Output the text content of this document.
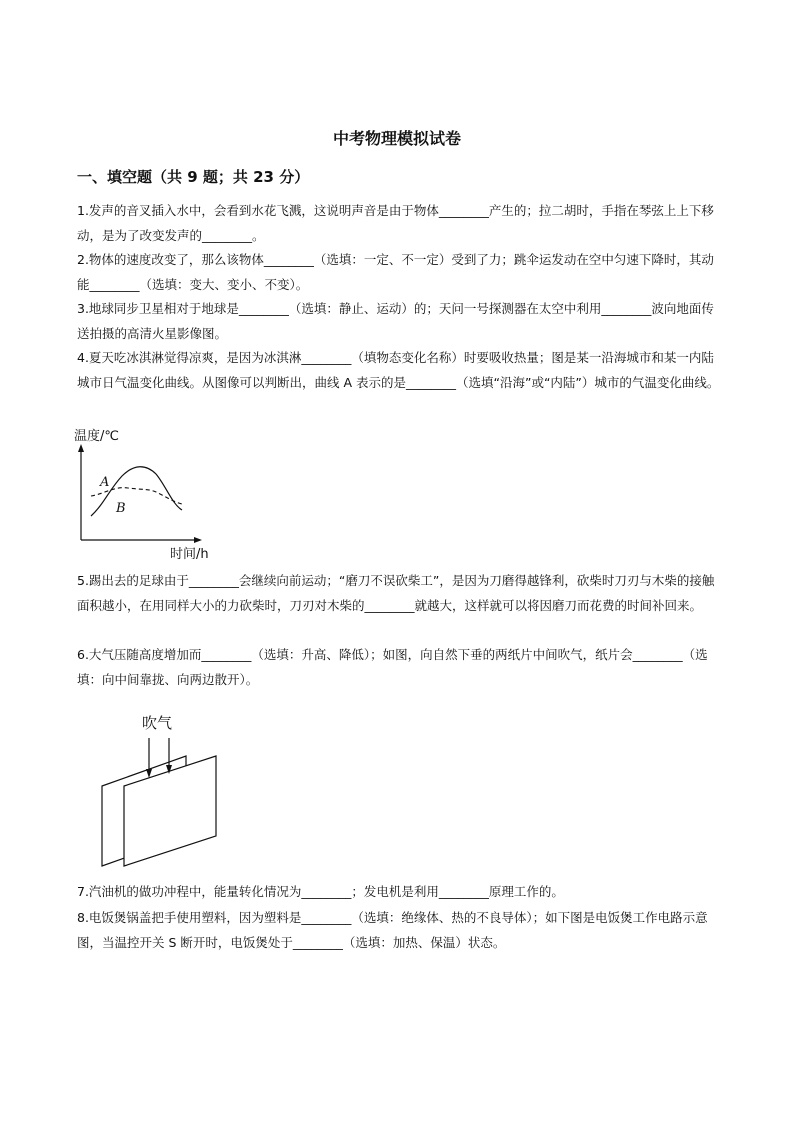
中考物理模拟试卷
一、填空题（共 9 题；共 23 分）

1.发声的音叉插入水中，会看到水花飞溅，这说明声音是由于物体________产生的；拉二胡时，手指在琴弦上上下移动，是为了改变发声的________。

2.物体的速度改变了，那么该物体________（选填：一定、不一定）受到了力；跳伞运发动在空中匀速下降时，其动能________（选填：变大、变小、不变）。

3.地球同步卫星相对于地球是________（选填：静止、运动）的；天问一号探测器在太空中利用________波向地面传送拍摄的高清火星影像图。

4.夏天吃冰淇淋觉得凉爽，是因为冰淇淋________（填物态变化名称）时要吸收热量；图是某一沿海城市和某一内陆城市日气温变化曲线。从图像可以判断出，曲线 A 表示的是________（选填“沿海”或“内陆”）城市的气温变化曲线。

温度/℃
A
B
时间/h

5.踢出去的足球由于________会继续向前运动；“磨刀不误砍柴工”，是因为刀磨得越锋利，砍柴时刀刃与木柴的接触面积越小，在用同样大小的力砍柴时，刀刃对木柴的________就越大，这样就可以将因磨刀而花费的时间补回来。

6.大气压随高度增加而________（选填：升高、降低）；如图，向自然下垂的两纸片中间吹气，纸片会________（选填：向中间靠拢、向两边散开）。

吹气

7.汽油机的做功冲程中，能量转化情况为________；发电机是利用________原理工作的。

8.电饭煲锅盖把手使用塑料，因为塑料是________（选填：绝缘体、热的不良导体）；如下图是电饭煲工作电路示意图，当温控开关 S 断开时，电饭煲处于________（选填：加热、保温）状态。
